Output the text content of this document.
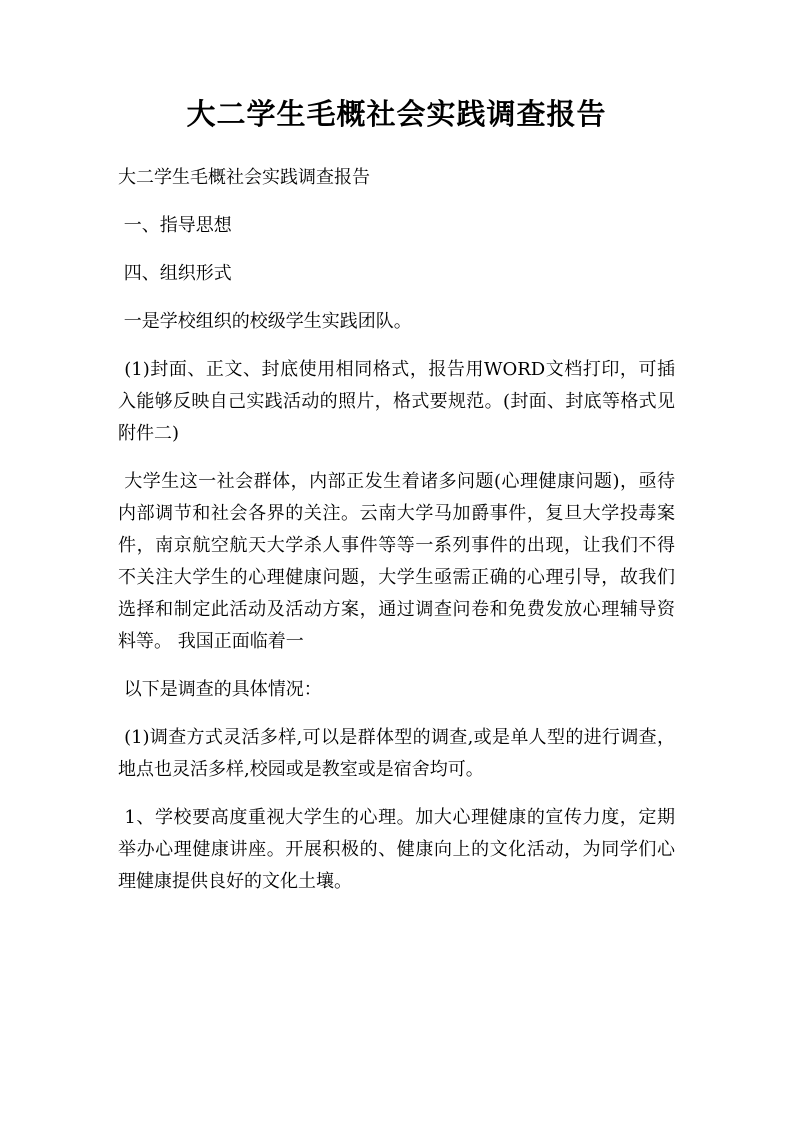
大二学生毛概社会实践调查报告

大二学生毛概社会实践调查报告

一、指导思想

四、组织形式

一是学校组织的校级学生实践团队。

(1)封面、正文、封底使用相同格式，报告用WORD文档打印，可插入能够反映自己实践活动的照片，格式要规范。(封面、封底等格式见附件二)

大学生这一社会群体，内部正发生着诸多问题(心理健康问题)，亟待内部调节和社会各界的关注。云南大学马加爵事件，复旦大学投毒案件，南京航空航天大学杀人事件等等一系列事件的出现，让我们不得不关注大学生的心理健康问题，大学生亟需正确的心理引导，故我们选择和制定此活动及活动方案，通过调查问卷和免费发放心理辅导资料等。 我国正面临着一

以下是调查的具体情况：

(1)调查方式灵活多样,可以是群体型的调查,或是单人型的进行调查，地点也灵活多样,校园或是教室或是宿舍均可。

1、学校要高度重视大学生的心理。加大心理健康的宣传力度，定期举办心理健康讲座。开展积极的、健康向上的文化活动，为同学们心理健康提供良好的文化土壤。
